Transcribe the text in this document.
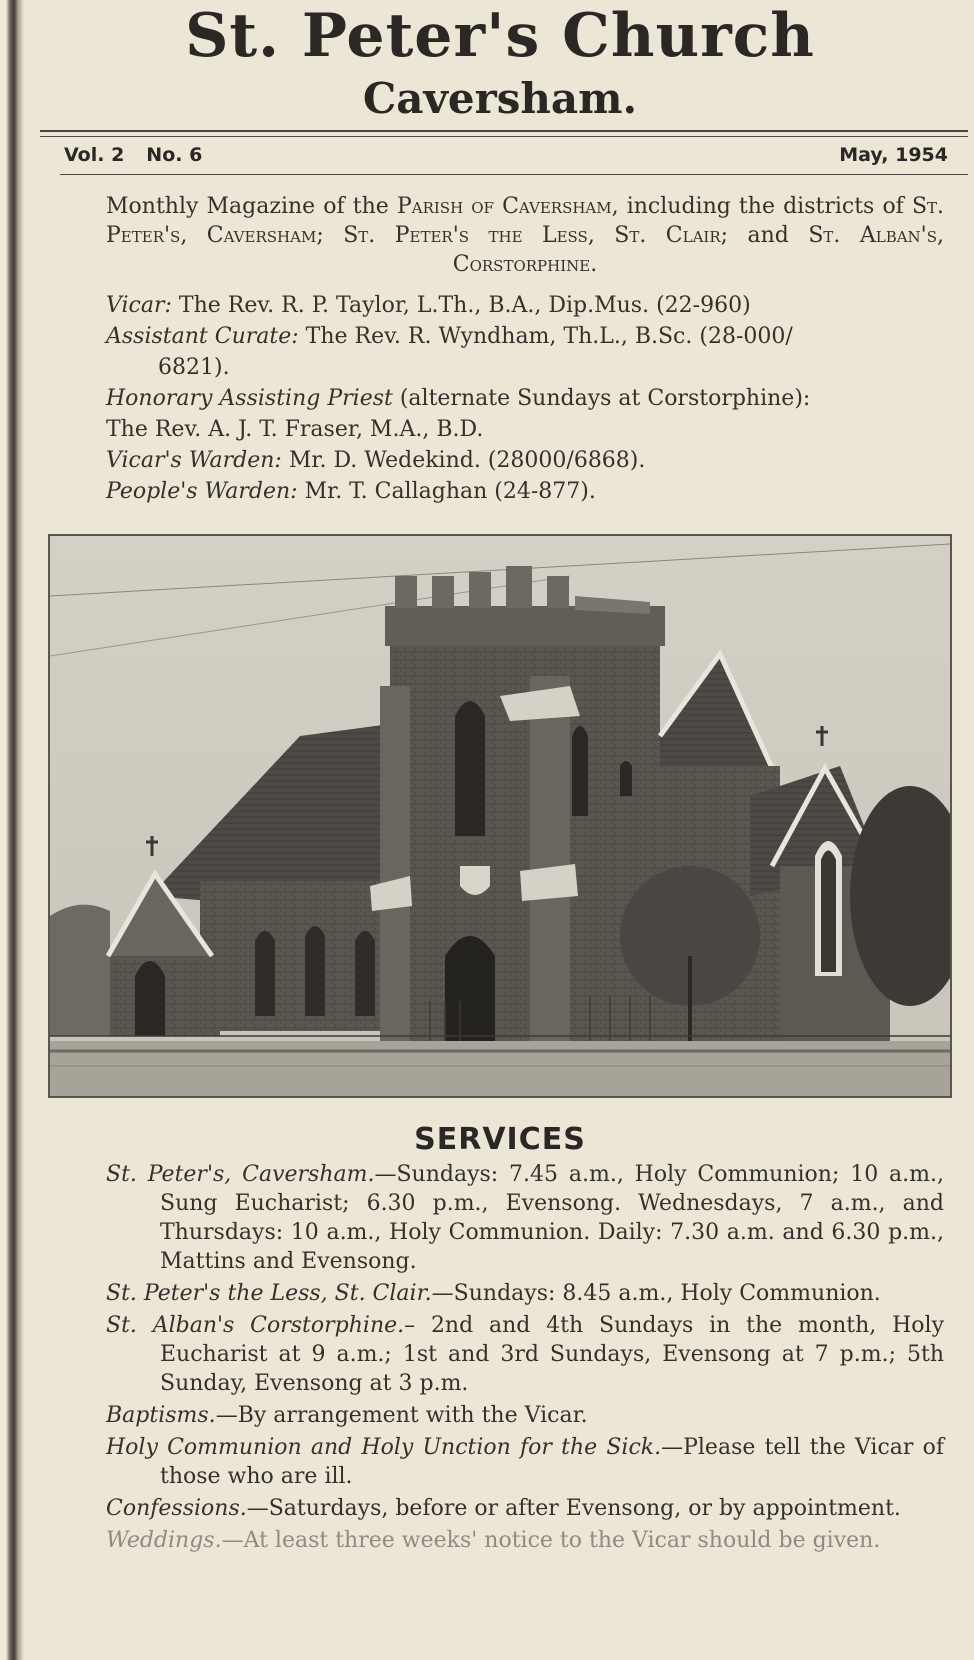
St. Peter's Church
Caversham.
Vol. 2 No. 6	May, 1954
Monthly Magazine of the Parish of Caversham, including the districts of St. Peter's, Caversham; St. Peter's the Less, St. Clair; and St. Alban's, Corstorphine.
Vicar: The Rev. R. P. Taylor, L.Th., B.A., Dip.Mus. (22-960)
Assistant Curate: The Rev. R. Wyndham, Th.L., B.Sc. (28-000/
6821).
Honorary Assisting Priest (alternate Sundays at Corstorphine):
The Rev. A. J. T. Fraser, M.A., B.D.
Vicar's Warden: Mr. D. Wedekind. (28000/6868).
People's Warden: Mr. T. Callaghan (24-877).
SERVICES
St. Peter's, Caversham.—Sundays: 7.45 a.m., Holy Communion; 10 a.m., Sung Eucharist; 6.30 p.m., Evensong. Wednesdays, 7 a.m., and Thursdays: 10 a.m., Holy Communion. Daily: 7.30 a.m. and 6.30 p.m., Mattins and Evensong.
St. Peter's the Less, St. Clair.—Sundays: 8.45 a.m., Holy Communion.
St. Alban's Corstorphine.– 2nd and 4th Sundays in the month, Holy Eucharist at 9 a.m.; 1st and 3rd Sundays, Evensong at 7 p.m.; 5th Sunday, Evensong at 3 p.m.
Baptisms.—By arrangement with the Vicar.
Holy Communion and Holy Unction for the Sick.—Please tell the Vicar of those who are ill.
Confessions.—Saturdays, before or after Evensong, or by appointment.
Weddings.—At least three weeks' notice to the Vicar should be given.
